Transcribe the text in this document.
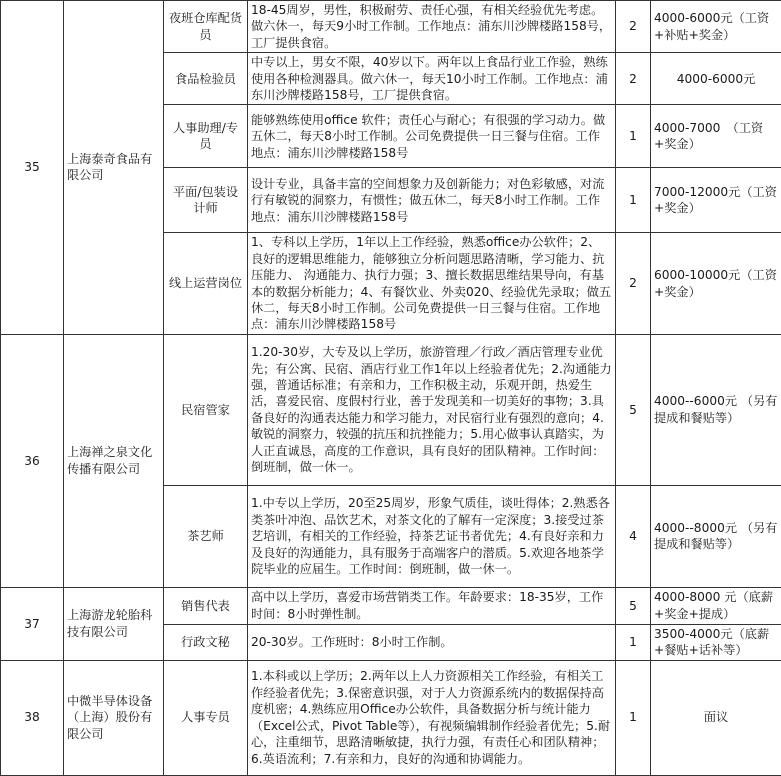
35	上海泰奇食品有限公司	夜班仓库配货员	18-45周岁，男性，积极耐劳、责任心强，有相关经验优先考虑。做六休一，每天9小时工作制。工作地点：浦东川沙牌楼路158号，工厂提供食宿。	2	4000-6000元（工资+补贴+奖金）
		食品检验员	中专以上，男女不限，40岁以下。两年以上食品行业工作验，熟练使用各种检测器具。做六休一，每天10小时工作制。工作地点：浦东川沙牌楼路158号，工厂提供食宿。	2	4000-6000元
		人事助理/专员	能够熟练使用office 软件；责任心与耐心；有很强的学习动力。做五休二，每天8小时工作制。公司免费提供一日三餐与住宿。工作地点：浦东川沙牌楼路158号	1	4000-7000　（工资+奖金）
		平面/包装设计师	设计专业，具备丰富的空间想象力及创新能力；对色彩敏感，对流行有敏锐的洞察力，有惯性；做五休二，每天8小时工作制。工作地点：浦东川沙牌楼路158号	1	7000-12000元（工资+奖金）
		线上运营岗位	1、专科以上学历，1年以上工作经验，熟悉office办公软件；2、良好的逻辑思维能力，能够独立分析问题思路清晰，学习能力、抗压能力、 沟通能力、执行力强；3、擅长数据思维结果导向，有基本的数据分析能力；4、有餐饮业、外卖020、经验优先录取；做五休二，每天8小时工作制。公司免费提供一日三餐与住宿。工作地点：浦东川沙牌楼路158号	2	6000-10000元（工资+奖金）
36	上海禅之泉文化传播有限公司	民宿管家	1.20-30岁，大专及以上学历，旅游管理／行政／酒店管理专业优先；有公寓、民宿、酒店行业工作1年以上经验者优先；2.沟通能力强，普通话标准；有亲和力，工作积极主动，乐观开朗，热爱生活，喜爱民宿、度假村行业，善于发现美和一切美好的事物；3.具备良好的沟通表达能力和学习能力，对民宿行业有强烈的意向；4.敏锐的洞察力，较强的抗压和抗挫能力；5.用心做事认真踏实，为人正直诚恳，高度的工作意识，具有良好的团队精神。工作时间：倒班制，做一休一。	5	4000--6000元 （另有提成和餐贴等）
		茶艺师	1.中专以上学历，20至25周岁，形象气质佳，谈吐得体；2.熟悉各类茶叶冲泡、品饮艺术，对茶文化的了解有一定深度；3.接受过茶艺培训，有相关的工作经验，持茶艺证书者优先；4.有良好亲和力及良好的沟通能力，具有服务于高端客户的潜质。5.欢迎各地茶学院毕业的应届生。工作时间：倒班制，做一休一。	4	4000--8000元 （另有提成和餐贴等）
37	上海游龙轮胎科技有限公司	销售代表	高中以上学历，喜爱市场营销类工作。年龄要求：18-35岁，工作时间：8小时弹性制。	5	4000-8000 元（底薪+奖金+提成）
		行政文秘	20-30岁。工作班时：8小时工作制。	1	3500-4000元（底薪+餐贴+话补等）
38	中微半导体设备（上海）股份有限公司	人事专员	1.本科或以上学历；2.两年以上人力资源相关工作经验，有相关工作经验者优先；3.保密意识强，对于人力资源系统内的数据保持高度机密；4.熟练应用Office办公软件，具备数据分析与统计能力（Excel公式，Pivot Table等），有视频编辑制作经验者优先；5.耐心，注重细节，思路清晰敏捷，执行力强，有责任心和团队精神；6.英语流利；7.有亲和力，良好的沟通和协调能力。	1	面议
